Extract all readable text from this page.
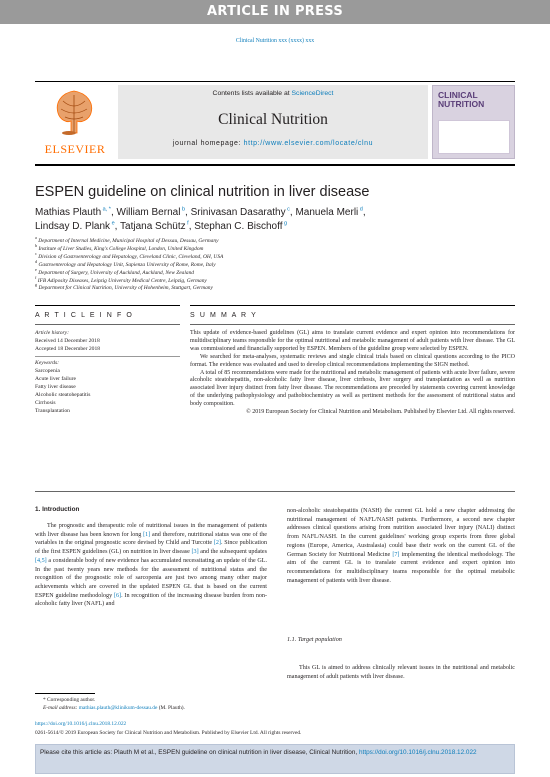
ARTICLE IN PRESS
Clinical Nutrition xxx (xxxx) xxx
ELSEVIER
Contents lists available at ScienceDirect
Clinical Nutrition
journal homepage: http://www.elsevier.com/locate/clnu
CLINICAL
NUTRITION
ESPEN guideline on clinical nutrition in liver disease
Mathias Plauth $^{a, *}$, William Bernal $^b$, Srinivasan Dasarathy $^c$, Manuela Merli $^d$,
Lindsay D. Plank $^e$, Tatjana Schütz $^f$, Stephan C. Bischoff $^g$
$^a$ Department of Internal Medicine, Municipal Hospital of Dessau, Dessau, Germany
$^b$ Institute of Liver Studies, King's College Hospital, London, United Kingdom
$^c$ Division of Gastroenterology and Hepatology, Cleveland Clinic, Cleveland, OH, USA
$^d$ Gastroenterology and Hepatology Unit, Sapienza University of Rome, Rome, Italy
$^e$ Department of Surgery, University of Auckland, Auckland, New Zealand
$^f$ IFB Adiposity Diseases, Leipzig University Medical Centre, Leipzig, Germany
$^g$ Department for Clinical Nutrition, University of Hohenheim, Stuttgart, Germany
A R T I C L E I N F O	S U M M A R Y
Article history:
Received 14 December 2018
Accepted 18 December 2018
Keywords:
Sarcopenia
Acute liver failure
Fatty liver disease
Alcoholic steatohepatitis
Cirrhosis
Transplantation

This update of evidence-based guidelines (GL) aims to translate current evidence and expert opinion into recommendations for multidisciplinary teams responsible for the optimal nutritional and metabolic management of adult patients with liver disease. The GL was commissioned and financially supported by ESPEN. Members of the guideline group were selected by ESPEN.

We searched for meta-analyses, systematic reviews and single clinical trials based on clinical questions according to the PICO format. The evidence was evaluated and used to develop clinical recommendations implementing the SIGN method.

A total of 85 recommendations were made for the nutritional and metabolic management of patients with acute liver failure, severe alcoholic steatohepatitis, non-alcoholic fatty liver disease, liver cirrhosis, liver surgery and transplantation as well as nutrition associated liver injury distinct from fatty liver disease. The recommendations are preceded by statements covering current knowledge of the underlying pathophysiology and pathobiochemistry as well as pertinent methods for the assessment of nutritional status and body composition.

© 2019 European Society for Clinical Nutrition and Metabolism. Published by Elsevier Ltd. All rights reserved.

1. Introduction

The prognostic and therapeutic role of nutritional issues in the management of patients with liver disease has been known for long [1] and therefore, nutritional status was one of the variables in the original prognostic score devised by Child and Turcotte [2]. Since publication of the first ESPEN guidelines (GL) on nutrition in liver disease [3] and the subsequent updates [4,5] a considerable body of new evidence has accumulated necessitating an update of the GL. In the past twenty years new methods for the assessment of nutritional status and the recognition of the prognostic role of sarcopenia are just two among many other major achievements which are covered in the updated ESPEN GL that is based on the current ESPEN guideline methodology [6]. In recognition of the increasing disease burden from non-alcoholic fatty liver (NAFL) and

non-alcoholic steatohepatitis (NASH) the current GL hold a new chapter addressing the nutritional management of NAFL/NASH patients. Furthermore, a second new chapter addresses clinical questions arising from nutrition associated liver injury (NALI) distinct from NAFL/NASH. In the current guidelines' working group experts from three global regions (Europe, America, Australasia) could base their work on the current GL of the German Society for Nutritional Medicine [7] implementing the identical methodology. The aim of the current GL is to translate current evidence and expert opinion into recommendations for multidisciplinary teams responsible for the optimal metabolic management of patients with liver disease.

1.1. Target population

This GL is aimed to address clinically relevant issues in the nutritional and metabolic management of adult patients with liver disease.

* Corresponding author.
E-mail address: mathias.plauth@klinikum-dessau.de (M. Plauth).
https://doi.org/10.1016/j.clnu.2018.12.022
0261-5614/© 2019 European Society for Clinical Nutrition and Metabolism. Published by Elsevier Ltd. All rights reserved.
Please cite this article as: Plauth M et al., ESPEN guideline on clinical nutrition in liver disease, Clinical Nutrition, https://doi.org/10.1016/j.clnu.2018.12.022
